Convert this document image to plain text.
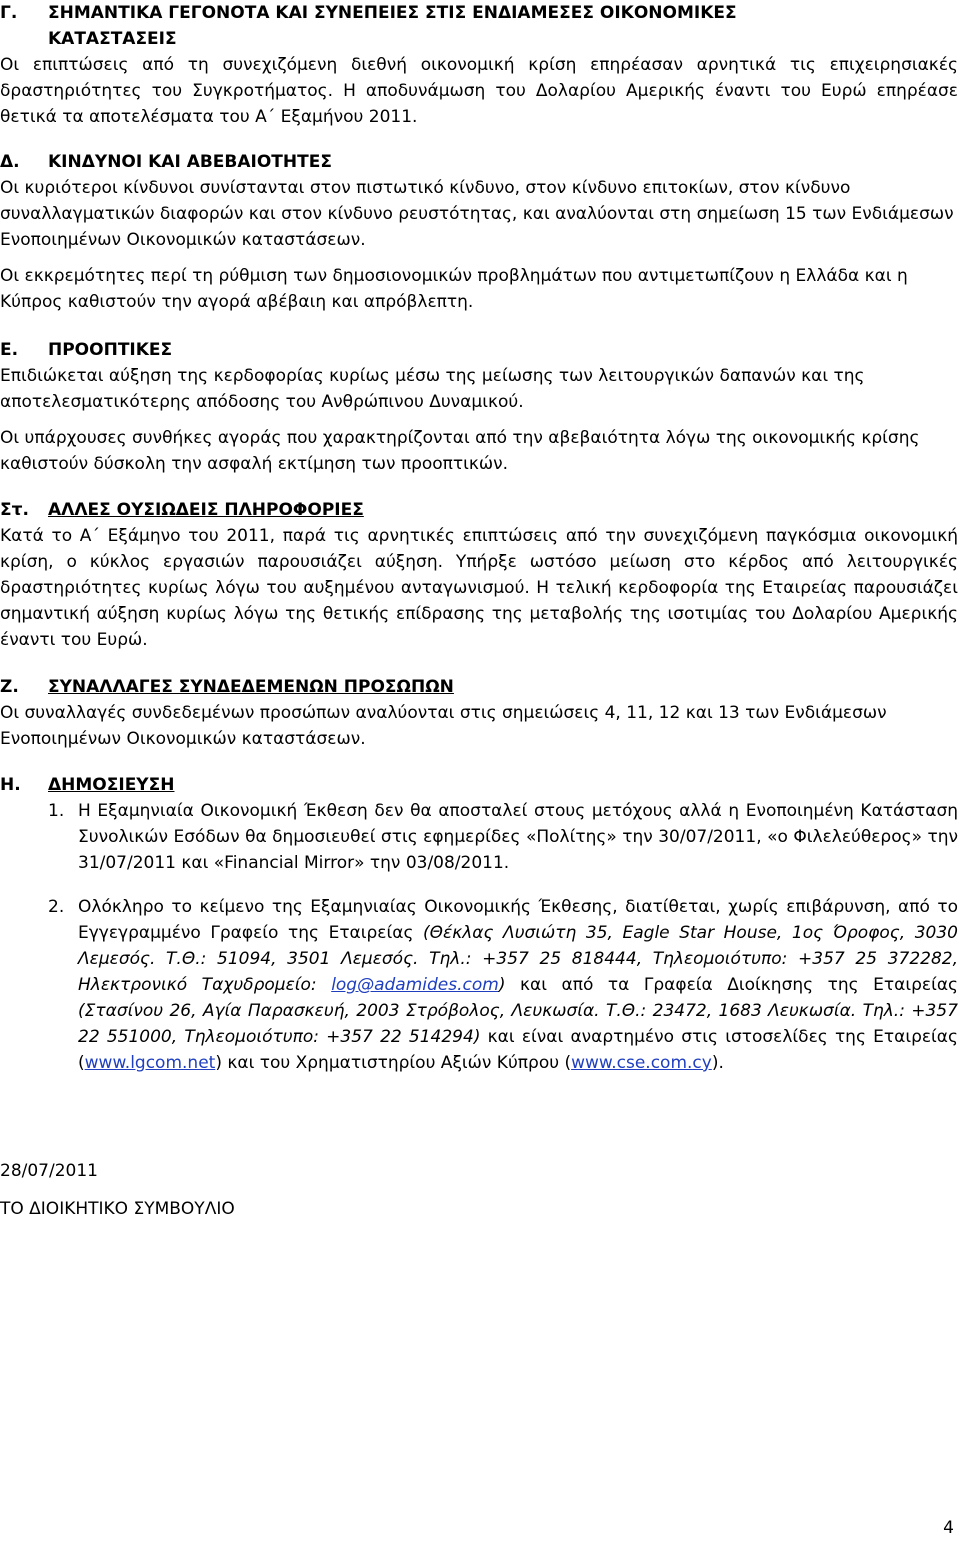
Γ.	ΣΗΜΑΝΤΙΚΑ ΓΕΓΟΝΟΤΑ ΚΑΙ ΣΥΝΕΠΕΙΕΣ ΣΤΙΣ ΕΝΔΙΑΜΕΣΕΣ ΟΙΚΟΝΟΜΙΚΕΣ
ΚΑΤΑΣΤΑΣΕΙΣ

Οι επιπτώσεις από τη συνεχιζόμενη διεθνή οικονομική κρίση επηρέασαν αρνητικά τις επιχειρησιακές δραστηριότητες του Συγκροτήματος. Η αποδυνάμωση του Δολαρίου Αμερικής έναντι του Ευρώ επηρέασε θετικά τα αποτελέσματα του Α΄ Εξαμήνου 2011.

Δ.	ΚΙΝΔΥΝΟΙ ΚΑΙ ΑΒΕΒΑΙΟΤΗΤΕΣ

Οι κυριότεροι κίνδυνοι συνίστανται στον πιστωτικό κίνδυνο, στον κίνδυνο επιτοκίων, στον κίνδυνο συναλλαγματικών διαφορών και στον κίνδυνο ρευστότητας, και αναλύονται στη σημείωση 15 των Ενδιάμεσων Ενοποιημένων Οικονομικών καταστάσεων.

Οι εκκρεμότητες περί τη ρύθμιση των δημοσιονομικών προβλημάτων που αντιμετωπίζουν η Ελλάδα και η Κύπρος καθιστούν την αγορά αβέβαιη και απρόβλεπτη.

Ε.	ΠΡΟΟΠΤΙΚΕΣ

Επιδιώκεται αύξηση της κερδοφορίας κυρίως μέσω της μείωσης των λειτουργικών δαπανών και της αποτελεσματικότερης απόδοσης του Ανθρώπινου Δυναμικού.

Οι υπάρχουσες συνθήκες αγοράς που χαρακτηρίζονται από την αβεβαιότητα λόγω της οικονομικής κρίσης καθιστούν δύσκολη την ασφαλή εκτίμηση των προοπτικών.

Στ.	ΑΛΛΕΣ ΟΥΣΙΩΔΕΙΣ ΠΛΗΡΟΦΟΡΙΕΣ

Κατά το Α΄ Εξάμηνο του 2011, παρά τις αρνητικές επιπτώσεις από την συνεχιζόμενη παγκόσμια οικονομική κρίση, ο κύκλος εργασιών παρουσιάζει αύξηση. Υπήρξε ωστόσο μείωση στο κέρδος από λειτουργικές δραστηριότητες κυρίως λόγω του αυξημένου ανταγωνισμού. Η τελική κερδοφορία της Εταιρείας παρουσιάζει σημαντική αύξηση κυρίως λόγω της θετικής επίδρασης της μεταβολής της ισοτιμίας του Δολαρίου Αμερικής έναντι του Ευρώ.

Ζ.	ΣΥΝΑΛΛΑΓΕΣ ΣΥΝΔΕΔΕΜΕΝΩΝ ΠΡΟΣΩΠΩΝ

Οι συναλλαγές συνδεδεμένων προσώπων αναλύονται στις σημειώσεις 4, 11, 12 και 13 των Ενδιάμεσων Ενοποιημένων Οικονομικών καταστάσεων.

Η.	ΔΗΜΟΣΙΕΥΣΗ
1. Η Εξαμηνιαία Οικονομική Έκθεση δεν θα αποσταλεί στους μετόχους αλλά η Ενοποιημένη Κατάσταση Συνολικών Εσόδων θα δημοσιευθεί στις εφημερίδες «Πολίτης» την 30/07/2011, «ο Φιλελεύθερος» την 31/07/2011 και «Financial Mirror» την 03/08/2011.
2. Ολόκληρο το κείμενο της Εξαμηνιαίας Οικονομικής Έκθεσης, διατίθεται, χωρίς επιβάρυνση, από το Εγγεγραμμένο Γραφείο της Εταιρείας (Θέκλας Λυσιώτη 35, Eagle Star House, 1ος Όροφος, 3030 Λεμεσός. Τ.Θ.: 51094, 3501 Λεμεσός. Τηλ.: +357 25 818444, Τηλεομοιότυπο: +357 25 372282, Ηλεκτρονικό Ταχυδρομείο: log@adamides.com) και από τα Γραφεία Διοίκησης της Εταιρείας (Στασίνου 26, Αγία Παρασκευή, 2003 Στρόβολος, Λευκωσία. Τ.Θ.: 23472, 1683 Λευκωσία. Τηλ.: +357 22 551000, Τηλεομοιότυπο: +357 22 514294) και είναι αναρτημένο στις ιστοσελίδες της Εταιρείας (www.lgcom.net) και του Χρηματιστηρίου Αξιών Κύπρου (www.cse.com.cy).
28/07/2011
ΤΟ ΔΙΟΙΚΗΤΙΚΟ ΣΥΜΒΟΥΛΙΟ
4
